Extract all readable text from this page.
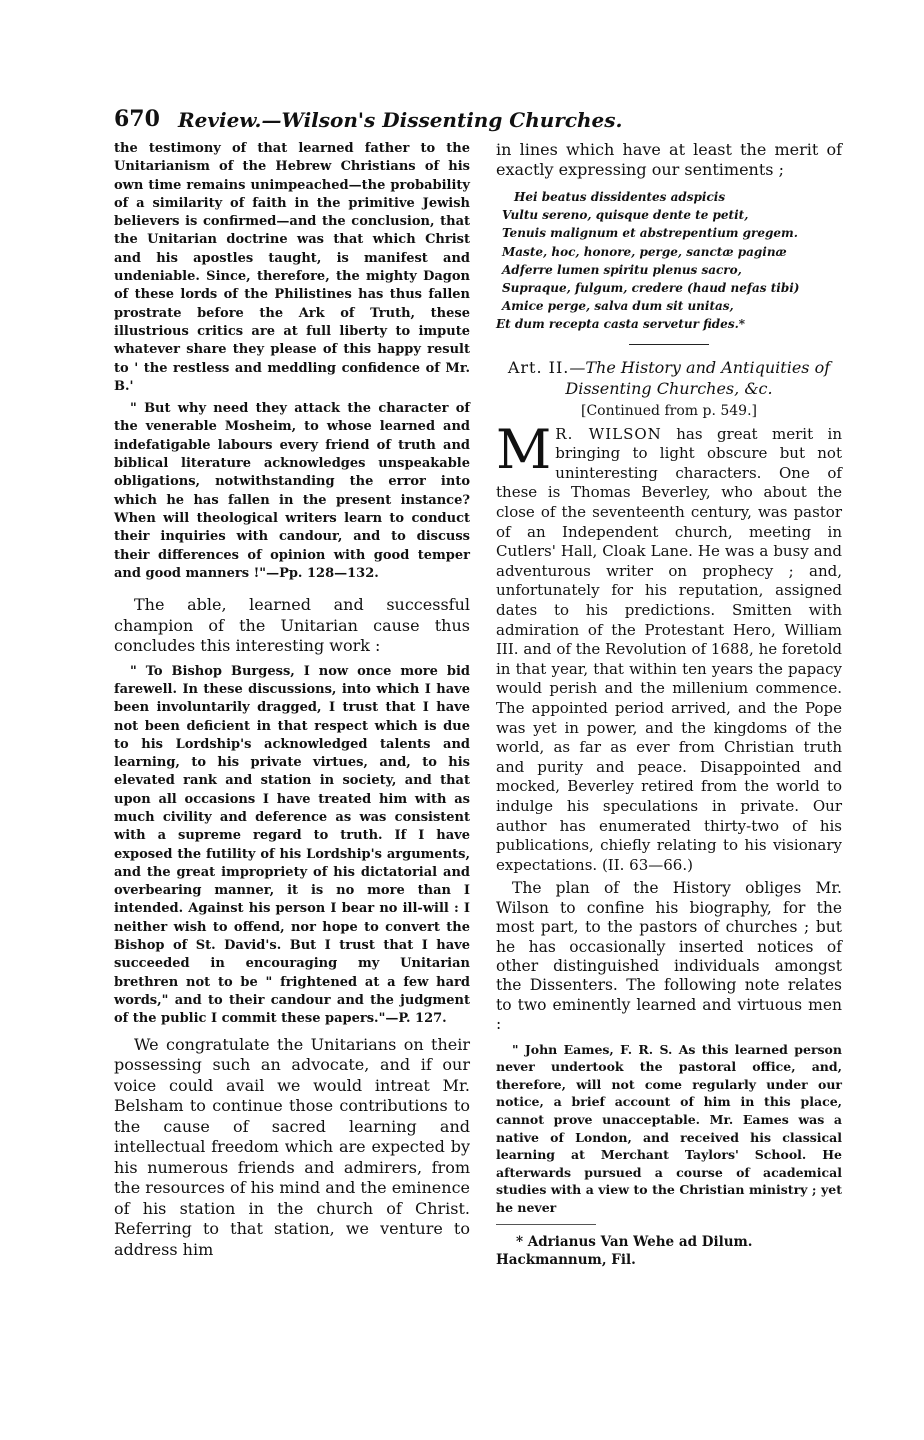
670 Review.—Wilson's Dissenting Churches.

the testimony of that learned father to the Unitarianism of the Hebrew Christians of his own time remains unimpeached—the probability of a similarity of faith in the primitive Jewish believers is confirmed—and the conclusion, that the Unitarian doctrine was that which Christ and his apostles taught, is manifest and undeniable. Since, therefore, the mighty Dagon of these lords of the Philistines has thus fallen prostrate before the Ark of Truth, these illustrious critics are at full liberty to impute whatever share they please of this happy result to ' the restless and meddling confidence of Mr. B.'

" But why need they attack the character of the venerable Mosheim, to whose learned and indefatigable labours every friend of truth and biblical literature acknowledges unspeakable obligations, notwithstanding the error into which he has fallen in the present instance? When will theological writers learn to conduct their inquiries with candour, and to discuss their differences of opinion with good temper and good manners !"—Pp. 128—132.

The able, learned and successful champion of the Unitarian cause thus concludes this interesting work :

" To Bishop Burgess, I now once more bid farewell. In these discussions, into which I have been involuntarily dragged, I trust that I have not been deficient in that respect which is due to his Lordship's acknowledged talents and learning, to his private virtues, and, to his elevated rank and station in society, and that upon all occasions I have treated him with as much civility and deference as was consistent with a supreme regard to truth. If I have exposed the futility of his Lordship's arguments, and the great impropriety of his dictatorial and overbearing manner, it is no more than I intended. Against his person I bear no ill-will : I neither wish to offend, nor hope to convert the Bishop of St. David's. But I trust that I have succeeded in encouraging my Unitarian brethren not to be " frightened at a few hard words," and to their candour and the judgment of the public I commit these papers."—P. 127.

We congratulate the Unitarians on their possessing such an advocate, and if our voice could avail we would intreat Mr. Belsham to continue those contributions to the cause of sacred learning and intellectual freedom which are expected by his numerous friends and admirers, from the resources of his mind and the eminence of his station in the church of Christ. Referring to that station, we venture to address him

in lines which have at least the merit of exactly expressing our sentiments ;

Hei beatus dissidentes adspicis
Vultu sereno, quisque dente te petit,
Tenuis malignum et abstrepentium gregem.
Maste, hoc, honore, perge, sanctæ paginæ
Adferre lumen spiritu plenus sacro,
Supraque, fulgum, credere (haud nefas tibi)
Amice perge, salva dum sit unitas,
Et dum recepta casta servetur fides.*

Art. II.—The History and Antiquities of Dissenting Churches, &c.

[Continued from p. 549.]

M R. WILSON has great merit in bringing to light obscure but not uninteresting characters. One of these is Thomas Beverley, who about the close of the seventeenth century, was pastor of an Independent church, meeting in Cutlers' Hall, Cloak Lane. He was a busy and adventurous writer on prophecy ; and, unfortunately for his reputation, assigned dates to his predictions. Smitten with admiration of the Protestant Hero, William III. and of the Revolution of 1688, he foretold in that year, that within ten years the papacy would perish and the millenium commence. The appointed period arrived, and the Pope was yet in power, and the kingdoms of the world, as far as ever from Christian truth and purity and peace. Disappointed and mocked, Beverley retired from the world to indulge his speculations in private. Our author has enumerated thirty-two of his publications, chiefly relating to his visionary expectations. (II. 63—66.)

The plan of the History obliges Mr. Wilson to confine his biography, for the most part, to the pastors of churches ; but he has occasionally inserted notices of other distinguished individuals amongst the Dissenters. The following note relates to two eminently learned and virtuous men :

" John Eames, F. R. S. As this learned person never undertook the pastoral office, and, therefore, will not come regularly under our notice, a brief account of him in this place, cannot prove unacceptable. Mr. Eames was a native of London, and received his classical learning at Merchant Taylors' School. He afterwards pursued a course of academical studies with a view to the Christian ministry ; yet he never

* Adrianus Van Wehe ad Dilum. Hackmannum, Fil.
